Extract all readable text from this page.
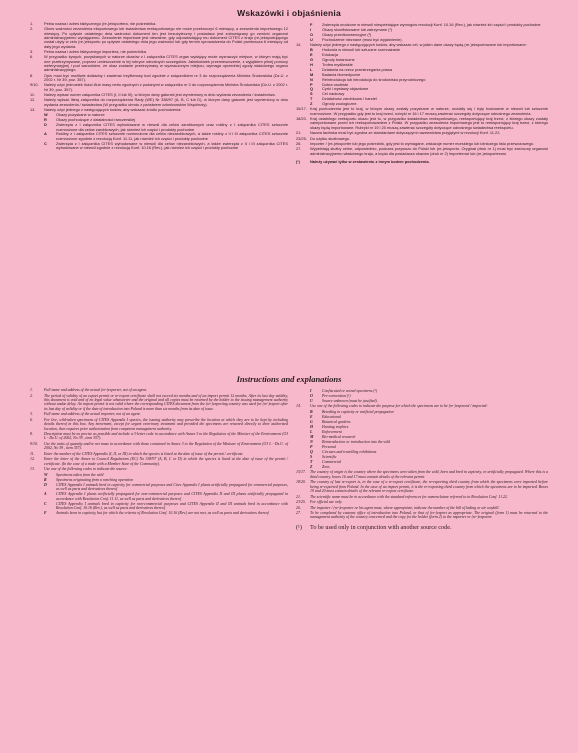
Wskazówki i objaśnienia
1.	Pełna nazwa i adres faktycznego (re-)eksportera, nie pośrednika.
2.	Okres ważności zezwolenia eksportowego lub świadectwa reeksportowego nie może przekroczyć 6 miesięcy, a zezwolenia importowego 12 miesięcy. Po upływie ostatniego dnia ważności dokument ten jest bezużyteczny i posiadacz jest zobowiązany go zwrócić organowi administracyjnemu wydającemu. Zezwolenie importowe jest nieważne, gdy odpowiadający mu dokument CITES z kraju (re-)eksportującego został użyty w celu (re-)eksportu po upływie ostatniego dnia jego ważności lub gdy termin sprowadzenia do Polski przekracza 6 miesięcy od daty jego wydania.
3.	Pełna nazwa i adres faktycznego importera, nie pośrednika.
6.	W przypadku żywych, pozyskanych w naturze okazów z I załącznika CITES organ wydający może wyznaczyć miejsce, w którym mają być one przetrzymywane, poprzez umieszczenie w tej rubryce odnośnych szczegółów. Jakiekolwiek przemieszczenie, z wyjątkiem pilnej pomocy weterynaryjnej i pod warunkiem, że okaz zostanie przetrzymany w wyznaczonym miejscu, wymaga uprzedniej zgody właściwego organu administracyjnego.
8.	Opis musi być możliwie dokładny i zawierać trzyliterowy kod zgodnie z załącznikiem nr 3 do rozporządzenia Ministra Środowiska (Dz.U. z 2002 r. Nr 39, poz. 357).
9/10.	Należy użyć jednostek ilości i/lub masy netto zgodnych z podanymi w załączniku nr 3 do rozporządzenia Ministra Środowiska (Dz.U. z 2002 r. Nr 39, poz. 357).
11.	Należy wpisać numer załącznika CITES (I, II lub III), w którym dany gatunek jest wymieniony w dniu wydania zezwolenia / świadectwa.
12.	Należy wpisać literę załącznika do rozporządzenia Rady (WE) Nr 338/97 (A, B, C lub D), w którym dany gatunek jest wymieniony w dniu wydania zezwolenia / świadectwa (W przypadku obrotu z państwem członkowskim Wspólnoty).
13.	Należy użyć jednego z następujących kodów, aby wskazać źródło pochodzenia:
W	Okazy pozyskane w naturze
R	Okazy pochodzące z działalności ranczerskiej
D	Zwierzęta z I załącznika CITES wyhodowane w niewoli dla celów zarobkowych oraz rośliny z I załącznika CITES sztucznie rozmnożone dla celów zarobkowych, jak również ich części i produkty pochodne
A	Rośliny z I załącznika CITES sztucznie rozmnożone dla celów niezarobkowych, a także rośliny z II i III załącznika CITES sztucznie rozmnożone zgodnie z rezolucją Konf. 11.11, jak również ich części i produkty pochodne
C	Zwierzęta z I załącznika CITES wyhodowane w niewoli dla celów niezarobkowych, a także zwierzęta z II i III załącznika CITES wyhodowane w niewoli zgodnie z rezolucją Konf. 10.16 (Rev.), jak również ich części i produkty pochodne
F	Zwierzęta urodzone w niewoli niespełniające wymogów rezolucji Konf. 10.16 (Rev.), jak również ich części i produkty pochodne
I	Okazy skonfiskowane lub zatrzymane (¹)
O	Okazy przedkonwencyjne (¹)
U	Pochodzenie nieznane (musi być wyjaśnienie).
14.	Należy użyć jednego z następujących kodów, aby wskazać cel, w jakim dane okazy będą (re-)eksportowane lub importowane:
B	Hodowla w niewoli lub sztuczne rozmnażanie
E	Edukacja
G	Ogrody botaniczne
H	Trofea myśliwskie
L	Działania na rzecz przestrzegania prawa
M	Badania biomedyczne
N	Reintrodukcja lub introdukcja do środowiska przyrodniczego
P	Dobra osobiste
Q	Cyrki i wystawy objazdowe
S	Cel naukowy
T	Działalność zarobkowa / handel
Z	Ogrody zoologiczne.
15/17. Kraj pochodzenia jest to kraj, w którym okazy zostały pozyskane w naturze, urodziły się i były hodowane w niewoli lub sztucznie rozmnożone. W przypadku gdy jest to kraj trzeci, rubryki nr 16 i 17 muszą zawierać szczegóły dotyczące odnośnego zezwolenia.
18/20. Kraj ostatniego reeksportu okazu jest to, w przypadku świadectwa reeksportowego, reeksportujący kraj trzeci, z którego okazy zostały zaimportowane przed ich reeksportowaniem z Polski. W przypadku zezwolenia importowego jest to reeksportujący kraj trzeci, z którego okazy będą importowane. Rubryki nr 19 i 20 muszą zawierać szczegóły dotyczące odnośnego świadectwa reeksportu.
21.	Nazwa łacińska musi być zgodna ze standardami dotyczącymi nazewnictwa przyjętymi w rezolucji Konf. 11.22.
23/25. Do użytku służbowego.
26.	Importer / (re-)eksporter lub jego pośrednik, gdy jest to wymagane, wskazuje numer morskiego lub lotniczego listu przewozowego.
27.	Wypełniają służby celne, odpowiednio, podczas przywozu do Polski lub (re-)eksportu. Oryginał (druk nr 1) musi być zwrócony organowi administracyjnemu właściwego kraju, a kopia dla posiadacza okazów (druk nr 2) importerowi lub (re-)eksporterowi.
(¹)	Należy używać tylko w zestawieniu z innym kodem pochodzenia.
Instructions and explanations
1.	Full name and address of the actual (re-)exporter, not of an agent.
2.	The period of validity of an export permit or re-export certificate shall not exceed six months and of an import permit 12 months. After its last day validity, this document is void and of no legal value whatsoever and the original and all copies must be returned by the holder to the issuing management authority without undue delay. An import permit is not valid where the corresponding CITES document from the (re-)exporting country was used for (re-)export after its last day of validity or if the date of introduction into Poland is more than six months from its date of issue.
3.	Full name and address of the actual importer, not of an agent.
6.	For live, wild-taken specimens of CITES Appendix I species, the issuing authority may prescribe the location at which they are to be kept by including details thereof in this box. Any movement, except for urgent veterinary treatment and provided the specimens are returned directly to their authorized location, then requires prior authorization from competent management authority.
8.	Description must be as precise as possible and include a 3-letter code in accordance with Annex 3 to the Regulation of the Minister of the Environment (OJ L - Dz.U. of 2002, No 39 , item 357).
9/10.	Use the units of quantity and/or net mass in accordance with those contained in Annex 3 to the Regulation of the Minister of Environment (OJ L - Dz.U. of 2002, No 39 , item 357).
11.	Enter the number of the CITES Appendix (I, II, or III) in which the species is listed at the date of issue of the permit / certificate.
12.	Enter the letter of the Annex to Council Regulations (EC) No 338/97 (A, B, C or D) in which the species is listed at the date of issue of the permit / certificate. (In the case of a trade with a Member State of the Community).
13.	Use one of the following codes to indicate the source:
W	Specimens taken from the wild
R	Specimens originating from a ranching operation
D	CITES Appendix I animals bred in captivity for commercial purposes and Cites Appendix I plants artificially propagated for commercial purposes, as well as parts and derivatives thereof
A	CITES Appendix I plants artificially propagated for non-commercial purposes and CITES Appendix II and III plants artificially propagated in accordance with Resolution Conf. 11.11, as well as parts and derivatives thereof
C	CITES Appendix I animals bred in captivity for non-commercial purposes and CITES Appendix II and III animals bred in accordance with Resolution Conf. 10.16 (Rev.), as well as parts and derivatives thereof
F	Animals born in captivity, but for which the criteria of Resolution Conf. 10.16 (Rev.) are not met, as well as parts and derivatives thereof
I	Confiscated or seized specimens (¹)
O	Pre-convention (¹)
U	Source unknown (must be justified).
14.	Use one of the following codes to indicate the purpose for which the specimens are to be (re-)exported / imported:
B	Breeding in captivity or artificial propagation
E	Educational
G	Botanical gardens
H	Hunting trophies
L	Enforcement
M	Bio-medical research
N	Reintroduction or introduction into the wild
P	Personal
Q	Circuses and travelling exhibitions
S	Scientific
T	Commercial
Z	Zoos
15/17.	The country of origin is the country where the specimens were taken from the wild, born and bred in captivity, or artificially propagated. Where this is a third country, boxes 16 and 17 must contain details of the relevant permit.
18/20.	The country of last re-export is, in the case of a re-export certificate, the re-exporting third country from which the specimens were imported before being re-exported from Poland. In the case of an import permit, it is the re-exporting third country from which the specimens are to be imported. Boxes 19 and 20 must contain details of the relevant re-export certificate.
21.	The scientific name must be in accordance with the standard references for nomenclature referred to in Resolution Conf. 11.22.
23/25.	For official use only.
26.	The importer / (re-)exporter or his agent must, where appropriate, indicate the number of the bill of lading or air waybill.
27.	To be completed by customs office of introduction into Poland, or that of (re-)export as appropriate. The original (form 1) must be returned to the management authority of the country concerned and the copy for the holder (form 2) to the importer or (re-)exporter.
(¹)	To be used only in conjunction with another source code.
